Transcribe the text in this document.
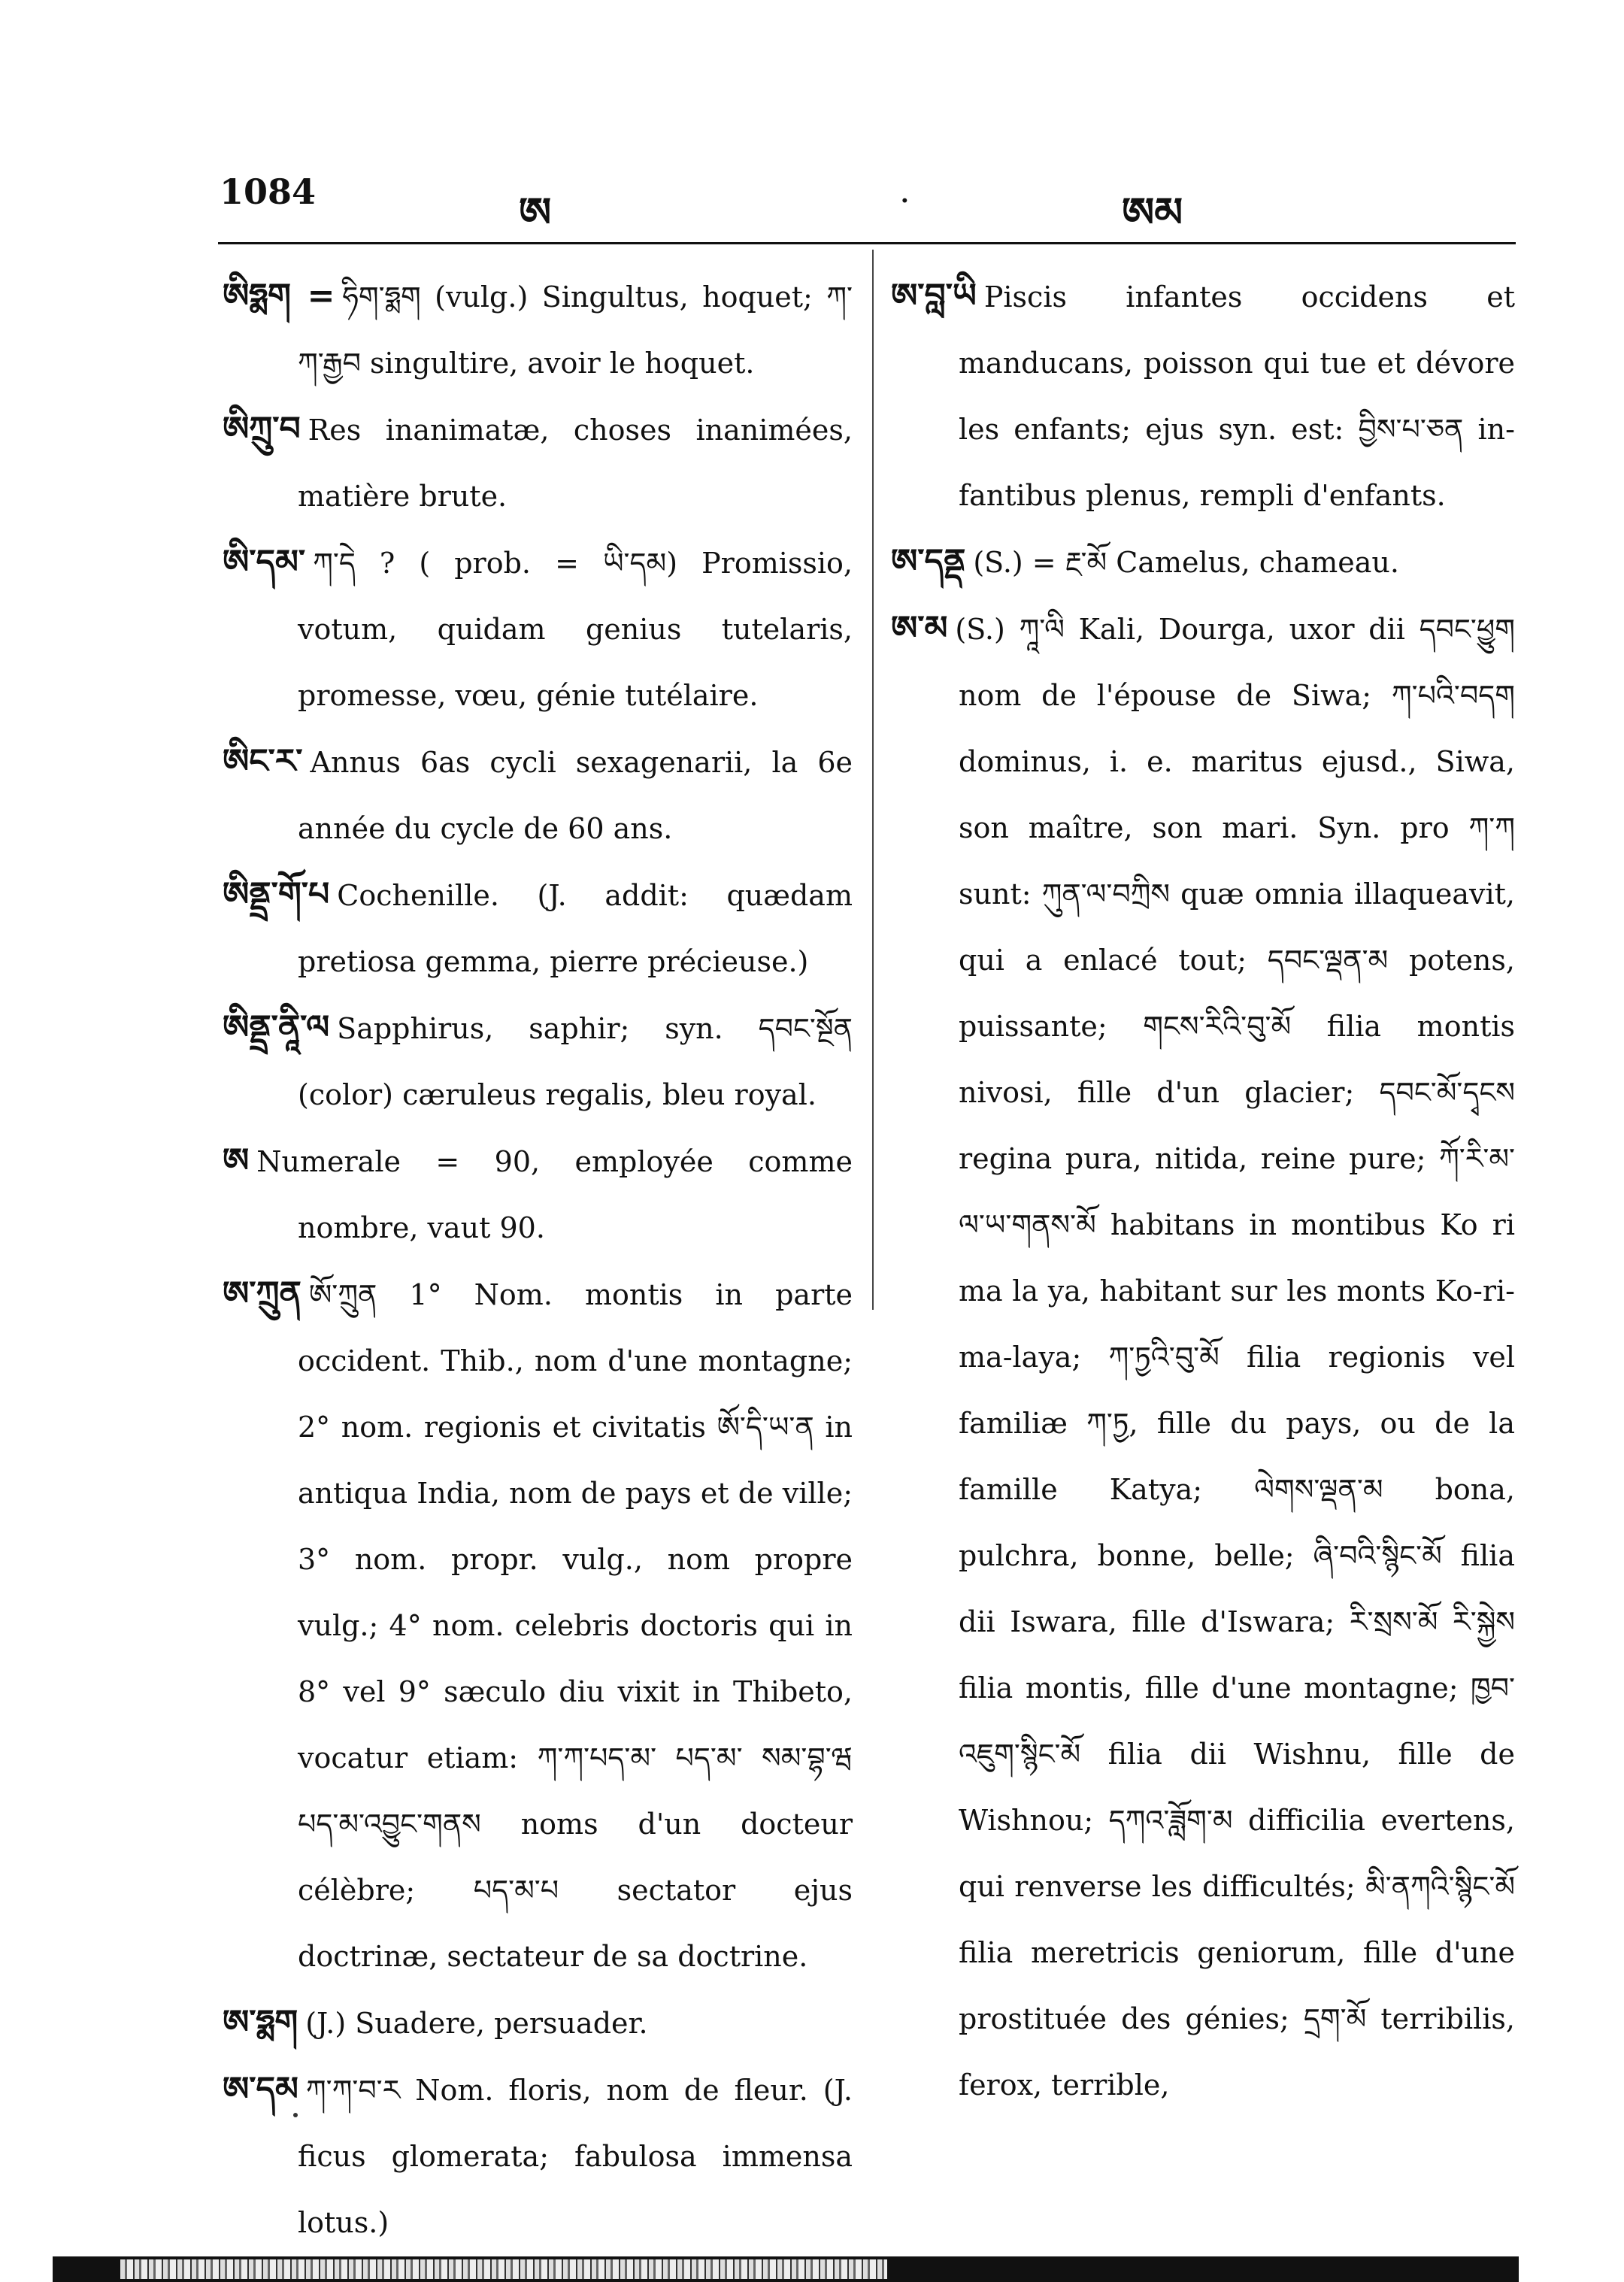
1084	ཨ	.	ཨམ

ཨིཧྨག = ཧིག་ཧྨག (vulg.) Singultus, hoquet; ཀ་ཀ་རྒྱབ singultire, avoir le hoquet.

ཨིཀྲུ་བ Res inanimatæ, choses inanimées, matière brute.

ཨི་དམ་ ཀ་དེ ? ( prob. = ཡི་དམ) Promissio, votum, quidam genius tutelaris, promesse, vœu, génie tutélaire.

ཨིང་ར་ Annus 6as cycli sexagenarii, la 6e année du cycle de 60 ans.

ཨིནྡྲ་གོ་པ Cochenille. (J. addit: quædam pretiosa gemma, pierre précieuse.)

ཨིནྡྲ་ནཱི་ལ Sapphirus, saphir; syn. དབང་སྔོན (color) cæruleus regalis, bleu royal.

ཨ Numerale = 90, employée comme nombre, vaut 90.

ཨ་ཀྲུན ཨོ་ཀྲུན 1° Nom. montis in parte occident. Thib., nom d'une montagne; 2° nom. regionis et civitatis ཨོ་དི་ཡ་ན in antiqua India, nom de pays et de ville; 3° nom. propr. vulg., nom propre vulg.; 4° nom. celebris doctoris qui in 8° vel 9° sæculo diu vixit in Thibeto, vocatur etiam: ཀ་ཀ་པད་མ་ པད་མ་ སམ་བྷ་ཝ པད་མ་འབྱུང་གནས noms d'un docteur célèbre; པད་མ་པ sectator ejus doctrinæ, sectateur de sa doctrine.

ཨ་ཧྨག (J.) Suadere, persuader.

ཨ་དམ ཀ་ཀ་བ་ར Nom. floris, nom de fleur. (J. ficus glomerata; fabulosa immensa lotus.)

ཨ་བླ་ཡི Piscis infantes occidens et manducans, poisson qui tue et dévore les enfants; ejus syn. est: བྱིས་པ་ཅན in-fantibus plenus, rempli d'enfants.

ཨ་དནྡ (S.) = རྔ་མོ Camelus, chameau.

ཨ་མ (S.) ཀཱ་ལི Kali, Dourga, uxor dii དབང་ཕྱུག nom de l'épouse de Siwa; ཀ་པའི་བདག dominus, i. e. maritus ejusd., Siwa, son maître, son mari. Syn. pro ཀ་ཀ sunt: ཀུན་ལ་བཀྲིས quæ omnia illaqueavit, qui a enlacé tout; དབང་ལྡན་མ potens, puissante; གངས་རིའི་བུ་མོ filia montis nivosi, fille d'un glacier; དབང་མོ་དྭངས regina pura, nitida, reine pure; ཀོ་རི་མ་ལ་ཡ་གནས་མོ habitans in montibus Ko ri ma la ya, habitant sur les monts Ko-ri-ma-laya; ཀ་ཏྱའི་བུ་མོ filia regionis vel familiæ ཀ་ཏྱ, fille du pays, ou de la famille Katya; ལེགས་ལྡན་མ bona, pulchra, bonne, belle; ཞི་བའི་སྙིང་མོ filia dii Iswara, fille d'Iswara; རི་སྲས་མོ རི་སྐྱེས filia montis, fille d'une montagne; ཁྱབ་འཇུག་སྙིང་མོ filia dii Wishnu, fille de Wishnou; དཀའ་ཟློག་མ difficilia evertens, qui renverse les difficultés; མི་ནཀའི་སྙིང་མོ filia meretricis geniorum, fille d'une prostituée des génies; དྲག་མོ terribilis, ferox, terrible,
